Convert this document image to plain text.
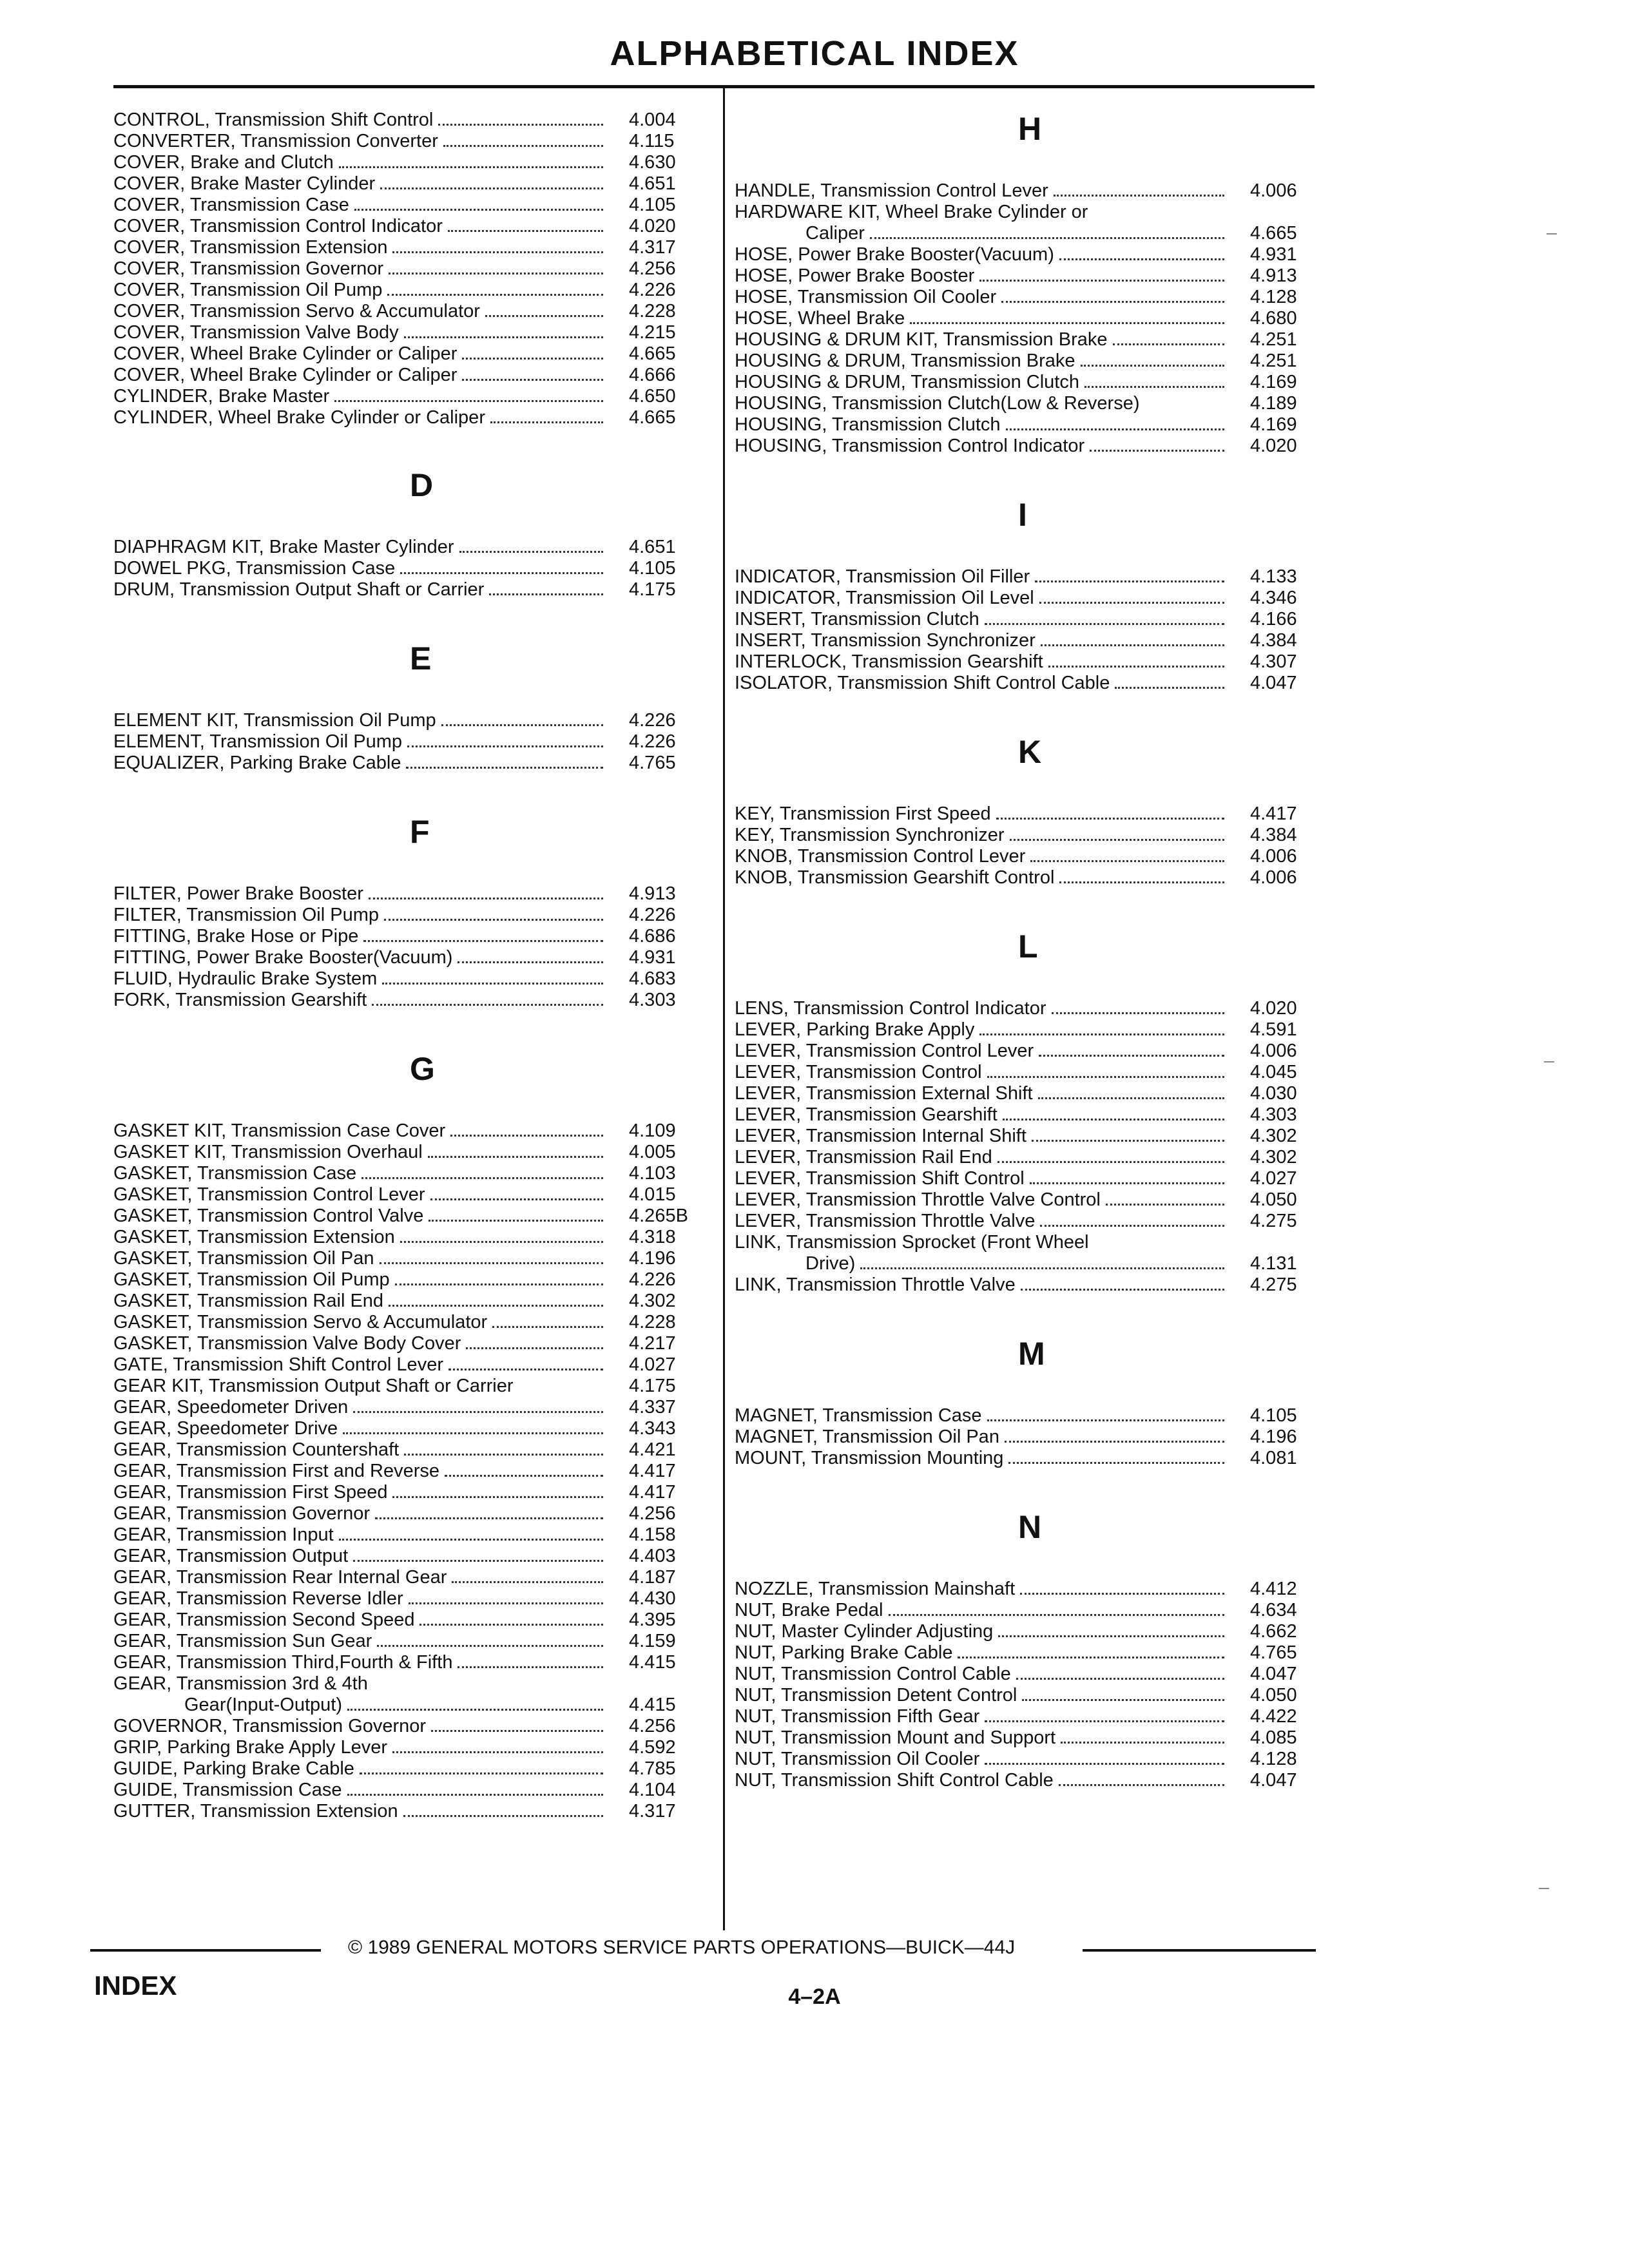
ALPHABETICAL INDEX
CONTROL, Transmission Shift Control	4.004
CONVERTER, Transmission Converter	4.115
COVER, Brake and Clutch	4.630
COVER, Brake Master Cylinder	4.651
COVER, Transmission Case	4.105
COVER, Transmission Control Indicator	4.020
COVER, Transmission Extension	4.317
COVER, Transmission Governor	4.256
COVER, Transmission Oil Pump	4.226
COVER, Transmission Servo & Accumulator	4.228
COVER, Transmission Valve Body	4.215
COVER, Wheel Brake Cylinder or Caliper	4.665
COVER, Wheel Brake Cylinder or Caliper	4.666
CYLINDER, Brake Master	4.650
CYLINDER, Wheel Brake Cylinder or Caliper	4.665
D
DIAPHRAGM KIT, Brake Master Cylinder	4.651
DOWEL PKG, Transmission Case	4.105
DRUM, Transmission Output Shaft or Carrier	4.175
E
ELEMENT KIT, Transmission Oil Pump	4.226
ELEMENT, Transmission Oil Pump	4.226
EQUALIZER, Parking Brake Cable	4.765
F
FILTER, Power Brake Booster	4.913
FILTER, Transmission Oil Pump	4.226
FITTING, Brake Hose or Pipe	4.686
FITTING, Power Brake Booster(Vacuum)	4.931
FLUID, Hydraulic Brake System	4.683
FORK, Transmission Gearshift	4.303
G
GASKET KIT, Transmission Case Cover	4.109
GASKET KIT, Transmission Overhaul	4.005
GASKET, Transmission Case	4.103
GASKET, Transmission Control Lever	4.015
GASKET, Transmission Control Valve	4.265B
GASKET, Transmission Extension	4.318
GASKET, Transmission Oil Pan	4.196
GASKET, Transmission Oil Pump	4.226
GASKET, Transmission Rail End	4.302
GASKET, Transmission Servo & Accumulator	4.228
GASKET, Transmission Valve Body Cover	4.217
GATE, Transmission Shift Control Lever	4.027
GEAR KIT, Transmission Output Shaft or Carrier	4.175
GEAR, Speedometer Driven	4.337
GEAR, Speedometer Drive	4.343
GEAR, Transmission Countershaft	4.421
GEAR, Transmission First and Reverse	4.417
GEAR, Transmission First Speed	4.417
GEAR, Transmission Governor	4.256
GEAR, Transmission Input	4.158
GEAR, Transmission Output	4.403
GEAR, Transmission Rear Internal Gear	4.187
GEAR, Transmission Reverse Idler	4.430
GEAR, Transmission Second Speed	4.395
GEAR, Transmission Sun Gear	4.159
GEAR, Transmission Third,Fourth & Fifth	4.415
GEAR, Transmission 3rd & 4th
Gear(Input-Output)	4.415
GOVERNOR, Transmission Governor	4.256
GRIP, Parking Brake Apply Lever	4.592
GUIDE, Parking Brake Cable	4.785
GUIDE, Transmission Case	4.104
GUTTER, Transmission Extension	4.317
H
HANDLE, Transmission Control Lever	4.006
HARDWARE KIT, Wheel Brake Cylinder or
Caliper	4.665
HOSE, Power Brake Booster(Vacuum)	4.931
HOSE, Power Brake Booster	4.913
HOSE, Transmission Oil Cooler	4.128
HOSE, Wheel Brake	4.680
HOUSING & DRUM KIT, Transmission Brake	4.251
HOUSING & DRUM, Transmission Brake	4.251
HOUSING & DRUM, Transmission Clutch	4.169
HOUSING, Transmission Clutch(Low & Reverse)	4.189
HOUSING, Transmission Clutch	4.169
HOUSING, Transmission Control Indicator	4.020
I
INDICATOR, Transmission Oil Filler	4.133
INDICATOR, Transmission Oil Level	4.346
INSERT, Transmission Clutch	4.166
INSERT, Transmission Synchronizer	4.384
INTERLOCK, Transmission Gearshift	4.307
ISOLATOR, Transmission Shift Control Cable	4.047
K
KEY, Transmission First Speed	4.417
KEY, Transmission Synchronizer	4.384
KNOB, Transmission Control Lever	4.006
KNOB, Transmission Gearshift Control	4.006
L
LENS, Transmission Control Indicator	4.020
LEVER, Parking Brake Apply	4.591
LEVER, Transmission Control Lever	4.006
LEVER, Transmission Control	4.045
LEVER, Transmission External Shift	4.030
LEVER, Transmission Gearshift	4.303
LEVER, Transmission Internal Shift	4.302
LEVER, Transmission Rail End	4.302
LEVER, Transmission Shift Control	4.027
LEVER, Transmission Throttle Valve Control	4.050
LEVER, Transmission Throttle Valve	4.275
LINK, Transmission Sprocket (Front Wheel
Drive)	4.131
LINK, Transmission Throttle Valve	4.275
M
MAGNET, Transmission Case	4.105
MAGNET, Transmission Oil Pan	4.196
MOUNT, Transmission Mounting	4.081
N
NOZZLE, Transmission Mainshaft	4.412
NUT, Brake Pedal	4.634
NUT, Master Cylinder Adjusting	4.662
NUT, Parking Brake Cable	4.765
NUT, Transmission Control Cable	4.047
NUT, Transmission Detent Control	4.050
NUT, Transmission Fifth Gear	4.422
NUT, Transmission Mount and Support	4.085
NUT, Transmission Oil Cooler	4.128
NUT, Transmission Shift Control Cable	4.047
© 1989 GENERAL MOTORS SERVICE PARTS OPERATIONS—BUICK—44J
INDEX	4–2A
